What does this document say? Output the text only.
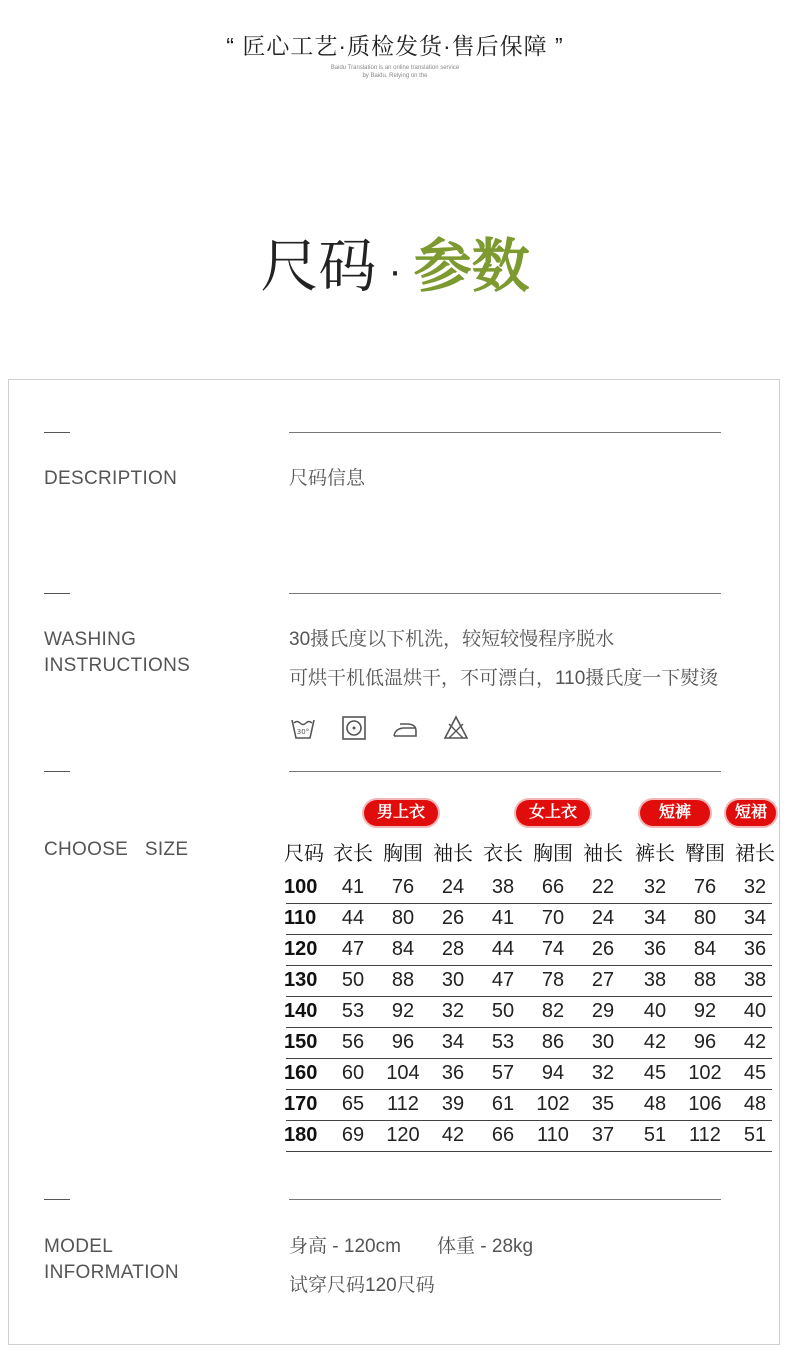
“ 匠心工艺·质检发货·售后保障 ”
Baidu Translation is an online translation service
by Baidu. Relying on the
尺码 · 参数
DESCRIPTION	尺码信息
WASHING
INSTRUCTIONS
30摄氏度以下机洗，较短较慢程序脱水
可烘干机低温烘干，不可漂白，110摄氏度一下熨烫
30°
CHOOSE   SIZE
男上衣	女上衣	短裤	短裙
尺码 衣长 胸围 袖长 衣长 胸围 袖长 裤长 臀围 裙长
100	41	76	24	38	66	22	32	76	32
110	44	80	26	41	70	24	34	80	34
120	47	84	28	44	74	26	36	84	36
130	50	88	30	47	78	27	38	88	38
140	53	92	32	50	82	29	40	92	40
150	56	96	34	53	86	30	42	96	42
160	60	104	36	57	94	32	45	102	45
170	65	112	39	61	102	35	48	106	48
180	69	120	42	66	110	37	51	112	51
MODEL
INFORMATION
身高 - 120cm 体重 - 28kg
试穿尺码120尺码
